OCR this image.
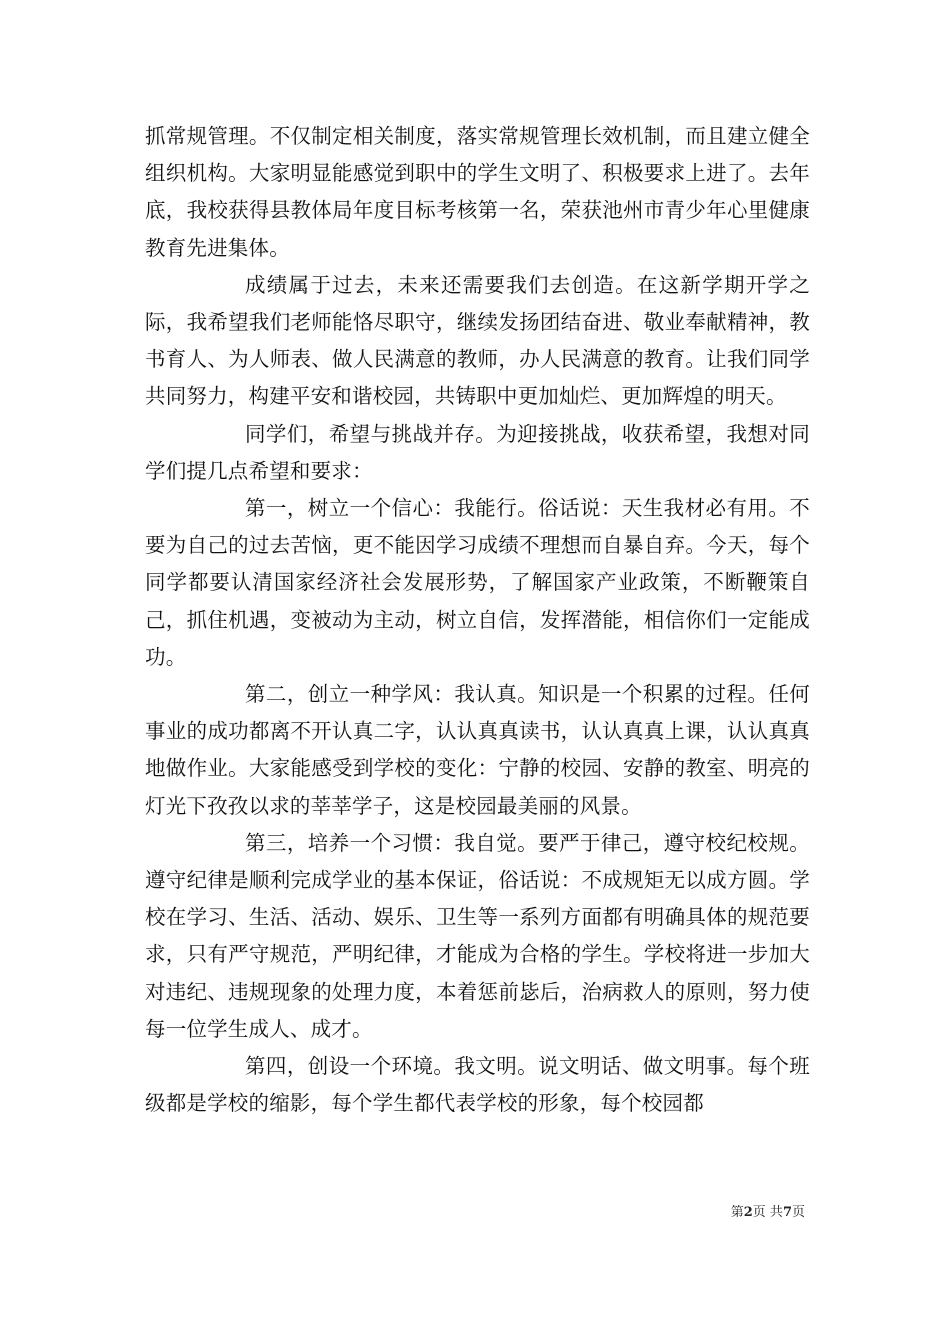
抓常规管理。不仅制定相关制度，落实常规管理长效机制，而且建立健全组织机构。大家明显能感觉到职中的学生文明了、积极要求上进了。去年底，我校获得县教体局年度目标考核第一名，荣获池州市青少年心里健康教育先进集体。

成绩属于过去，未来还需要我们去创造。在这新学期开学之际，我希望我们老师能恪尽职守，继续发扬团结奋进、敬业奉献精神，教书育人、为人师表、做人民满意的教师，办人民满意的教育。让我们同学共同努力，构建平安和谐校园，共铸职中更加灿烂、更加辉煌的明天。

同学们，希望与挑战并存。为迎接挑战，收获希望，我想对同学们提几点希望和要求：

第一，树立一个信心：我能行。俗话说：天生我材必有用。不要为自己的过去苦恼，更不能因学习成绩不理想而自暴自弃。今天，每个同学都要认清国家经济社会发展形势，了解国家产业政策，不断鞭策自己，抓住机遇，变被动为主动，树立自信，发挥潜能，相信你们一定能成功。

第二，创立一种学风：我认真。知识是一个积累的过程。任何事业的成功都离不开认真二字，认认真真读书，认认真真上课，认认真真地做作业。大家能感受到学校的变化：宁静的校园、安静的教室、明亮的灯光下孜孜以求的莘莘学子，这是校园最美丽的风景。

第三，培养一个习惯：我自觉。要严于律己，遵守校纪校规。遵守纪律是顺利完成学业的基本保证，俗话说：不成规矩无以成方圆。学校在学习、生活、活动、娱乐、卫生等一系列方面都有明确具体的规范要求，只有严守规范，严明纪律，才能成为合格的学生。学校将进一步加大对违纪、违规现象的处理力度，本着惩前毖后，治病救人的原则，努力使每一位学生成人、成才。

第四，创设一个环境。我文明。说文明话、做文明事。每个班级都是学校的缩影，每个学生都代表学校的形象，每个校园都

第2页 共7页
